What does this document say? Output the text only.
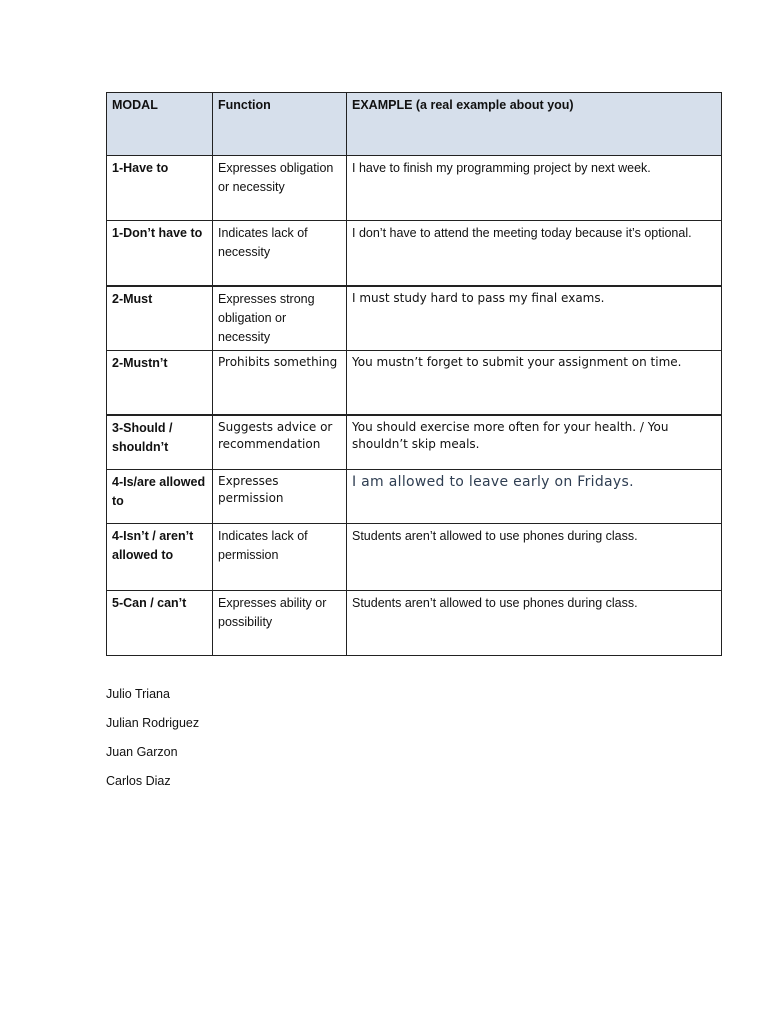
MODAL	Function	EXAMPLE (a real example about you)
1-Have to	Expresses obligation or necessity	I have to finish my programming project by next week.
1-Don’t have to	Indicates lack of necessity	I don’t have to attend the meeting today because it’s optional.
2-Must	Expresses strong obligation or necessity	I must study hard to pass my final exams.
2-Mustn’t	Prohibits something	You mustn’t forget to submit your assignment on time.
3-Should / shouldn’t	Suggests advice or recommendation	You should exercise more often for your health. / You shouldn’t skip meals.
4-Is/are allowed to	Expresses permission	I am allowed to leave early on Fridays.
4-Isn’t / aren’t allowed to	Indicates lack of permission	Students aren’t allowed to use phones during class.
5-Can / can’t	Expresses ability or possibility	Students aren’t allowed to use phones during class.
Julio Triana
Julian Rodriguez
Juan Garzon
Carlos Diaz
